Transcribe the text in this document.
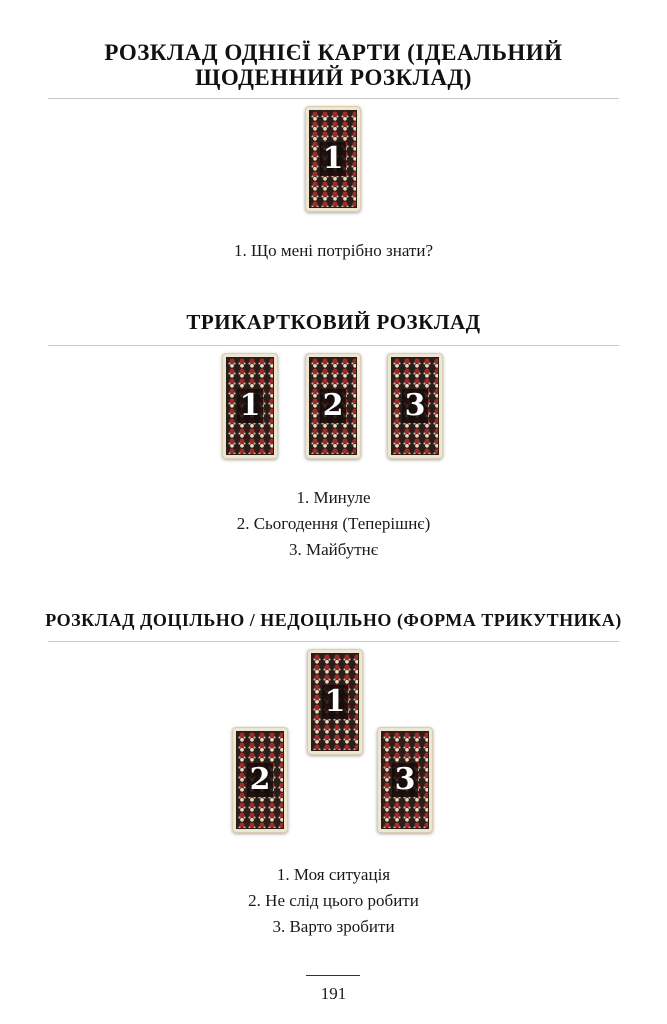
РОЗКЛАД ОДНІЄЇ КАРТИ (ІДЕАЛЬНИЙ ЩОДЕННИЙ РОЗКЛАД)
1
1. Що мені потрібно знати?
ТРИКАРТКОВИЙ РОЗКЛАД
1 2 3
1. Минуле
2. Сьогодення (Теперішнє)
3. Майбутнє
РОЗКЛАД ДОЦІЛЬНО / НЕДОЦІЛЬНО (ФОРМА ТРИКУТНИКА)
1
2	3
1. Моя ситуація
2. Не слід цього робити
3. Варто зробити
191
